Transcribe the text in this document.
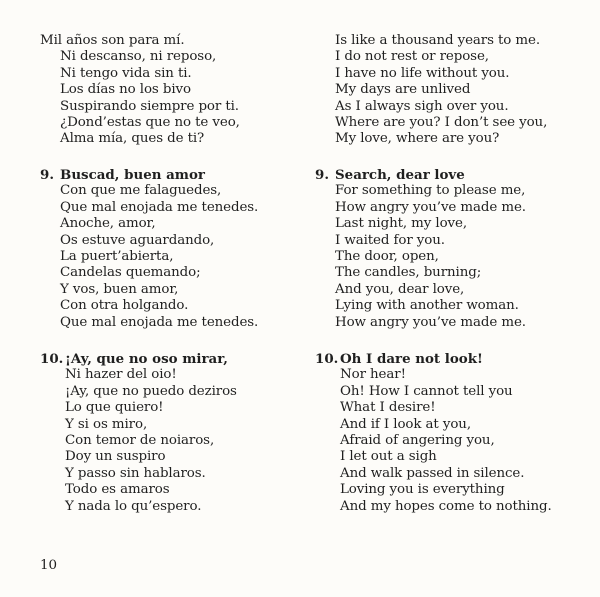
Mil años son para mí.
Ni descanso, ni reposo,
Ni tengo vida sin ti.
Los días no los bivo
Suspirando siempre por ti.
¿Dond’estas que no te veo,
Alma mía, ques de ti?
9. Buscad, buen amor
Con que me falaguedes,
Que mal enojada me tenedes.
Anoche, amor,
Os estuve aguardando,
La puert’abierta,
Candelas quemando;
Y vos, buen amor,
Con otra holgando.
Que mal enojada me tenedes.
10. ¡Ay, que no oso mirar,
Ni hazer del oio!
¡Ay, que no puedo deziros
Lo que quiero!
Y si os miro,
Con temor de noiaros,
Doy un suspiro
Y passo sin hablaros.
Todo es amaros
Y nada lo qu’espero.
Is like a thousand years to me.
I do not rest or repose,
I have no life without you.
My days are unlived
As I always sigh over you.
Where are you? I don’t see you,
My love, where are you?
9. Search, dear love
For something to please me,
How angry you’ve made me.
Last night, my love,
I waited for you.
The door, open,
The candles, burning;
And you, dear love,
Lying with another woman.
How angry you’ve made me.
10. Oh I dare not look!
Nor hear!
Oh! How I cannot tell you
What I desire!
And if I look at you,
Afraid of angering you,
I let out a sigh
And walk passed in silence.
Loving you is everything
And my hopes come to nothing.
10
